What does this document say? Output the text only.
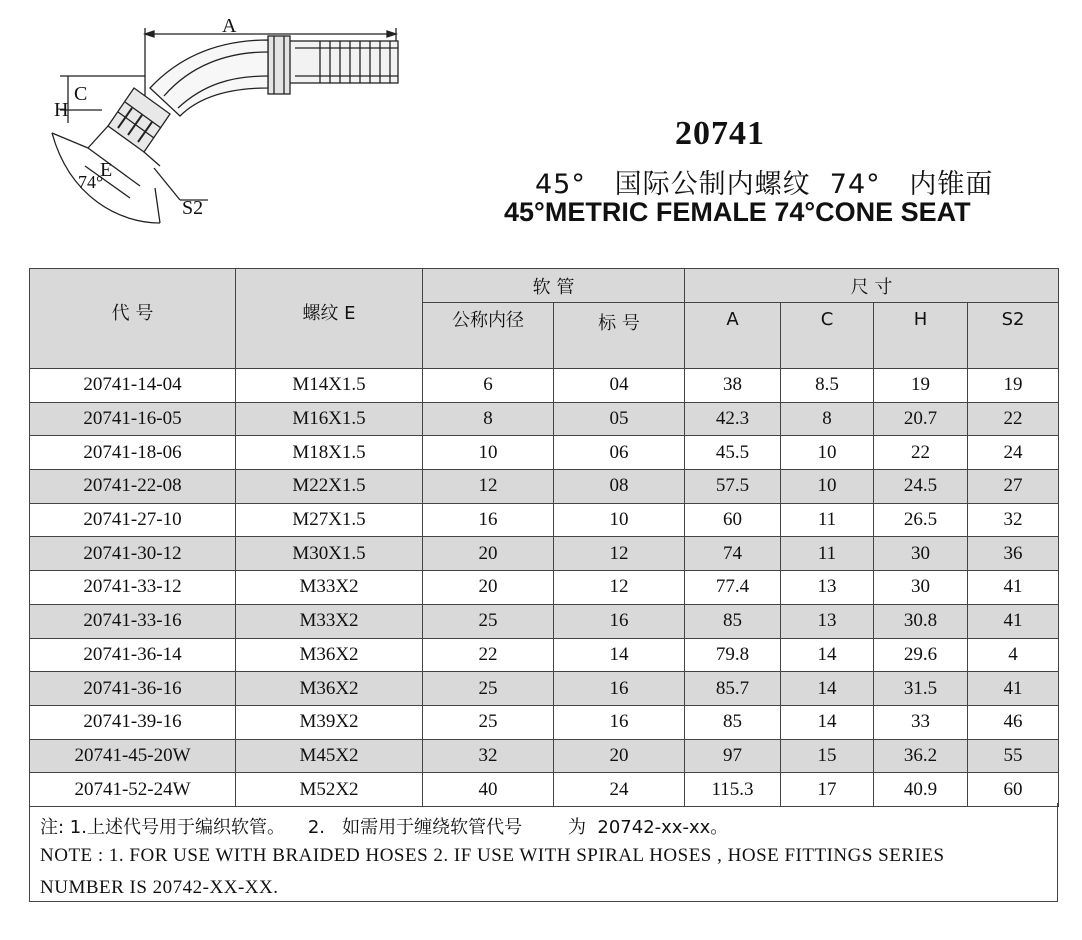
A
C
H
E
74°
S2
20741
45°   国际公制内螺纹  74°   内锥面
45°METRIC FEMALE 74°CONE SEAT
代 号	螺纹 E	软 管		尺 寸			
		公称内径	标 号	A	C	H	S2
20741-14-04	M14X1.5	6	04	38	8.5	19	19
20741-16-05	M16X1.5	8	05	42.3	8	20.7	22
20741-18-06	M18X1.5	10	06	45.5	10	22	24
20741-22-08	M22X1.5	12	08	57.5	10	24.5	27
20741-27-10	M27X1.5	16	10	60	11	26.5	32
20741-30-12	M30X1.5	20	12	74	11	30	36
20741-33-12	M33X2	20	12	77.4	13	30	41
20741-33-16	M33X2	25	16	85	13	30.8	41
20741-36-14	M36X2	22	14	79.8	14	29.6	4
20741-36-16	M36X2	25	16	85.7	14	31.5	41
20741-39-16	M39X2	25	16	85	14	33	46
20741-45-20W	M45X2	32	20	97	15	36.2	55
20741-52-24W	M52X2	40	24	115.3	17	40.9	60
注: 1.上述代号用于编织软管。    2.   如需用于缠绕软管代号        为  20742-xx-xx。
NOTE : 1. FOR USE WITH BRAIDED HOSES 2. IF USE WITH SPIRAL HOSES , HOSE FITTINGS SERIES
NUMBER IS 20742-XX-XX.
